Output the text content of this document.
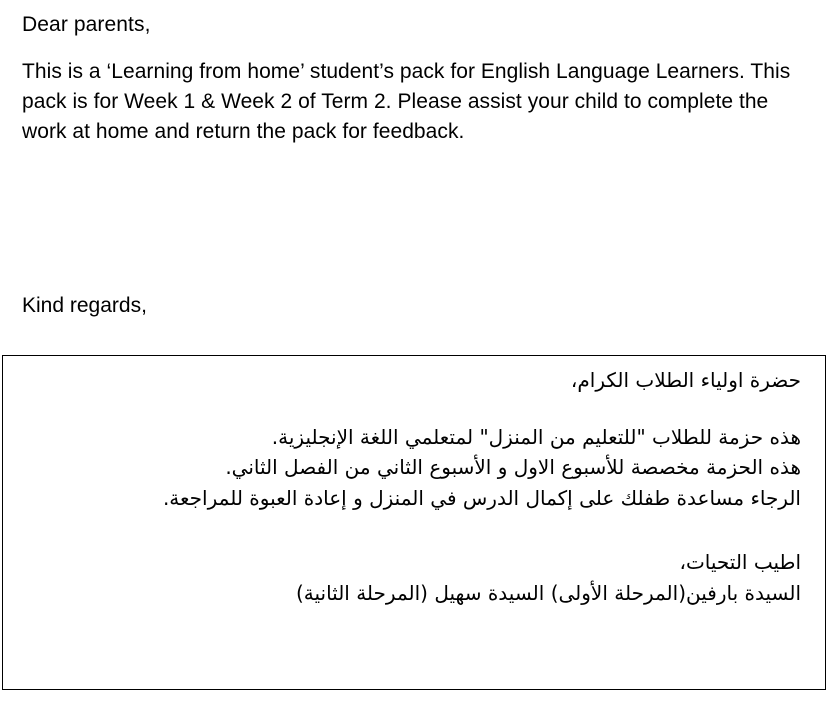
Dear parents,

This is a ‘Learning from home’ student’s pack for English Language Learners. This pack is for Week 1 & Week 2 of Term 2. Please assist your child to complete the work at home and return the pack for feedback.

Kind regards,

حضرة اولياء الطلاب الكرام،

هذه حزمة للطلاب "للتعليم من المنزل" لمتعلمي اللغة الإنجليزية.

هذه الحزمة مخصصة للأسبوع الاول و الأسبوع الثاني من الفصل الثاني.

الرجاء مساعدة طفلك على إكمال الدرس في المنزل و إعادة العبوة للمراجعة.

اطيب التحيات،

السيدة بارفين(المرحلة الأولى) السيدة سهيل (المرحلة الثانية)
